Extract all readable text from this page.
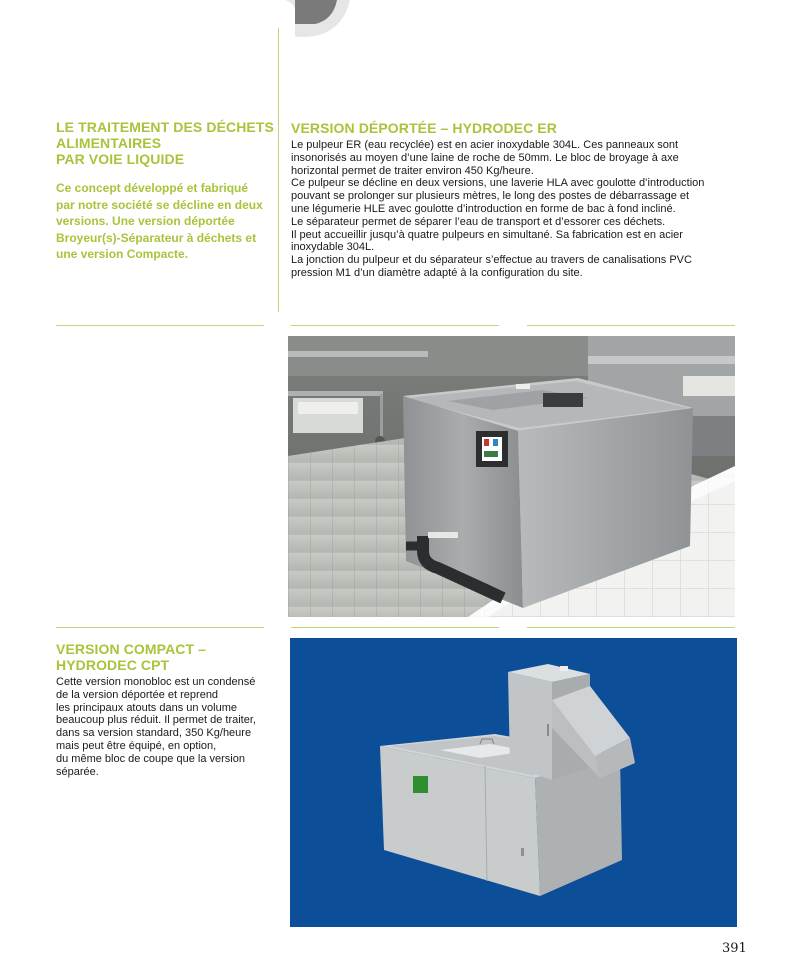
LE TRAITEMENT DES DÉCHETS
ALIMENTAIRES
PAR VOIE LIQUIDE
Ce concept développé et fabriqué
par notre société se décline en deux
versions. Une version déportée
Broyeur(s)-Séparateur à déchets et
une version Compacte.
VERSION DÉPORTÉE – HYDRODEC ER

Le pulpeur ER (eau recyclée) est en acier inoxydable 304L. Ces panneaux sont

insonorisés au moyen d’une laine de roche de 50mm. Le bloc de broyage à axe

horizontal permet de traiter environ 450 Kg/heure.

Ce pulpeur se décline en deux versions, une laverie HLA avec goulotte d’introduction

pouvant se prolonger sur plusieurs mètres, le long des postes de débarrassage et

une légumerie HLE avec goulotte d’introduction en forme de bac à fond incliné.

Le séparateur permet de séparer l’eau de transport et d’essorer ces déchets.

Il peut accueillir jusqu’à quatre pulpeurs en simultané. Sa fabrication est en acier

inoxydable 304L.

La jonction du pulpeur et du séparateur s’effectue au travers de canalisations PVC

pression M1 d’un diamètre adapté à la configuration du site.

VERSION COMPACT –
HYDRODEC CPT

Cette version monobloc est un condensé

de la version déportée et reprend

les principaux atouts dans un volume

beaucoup plus réduit. Il permet de traiter,

dans sa version standard, 350 Kg/heure

mais peut être équipé, en option,

du même bloc de coupe que la version

séparée.

391
